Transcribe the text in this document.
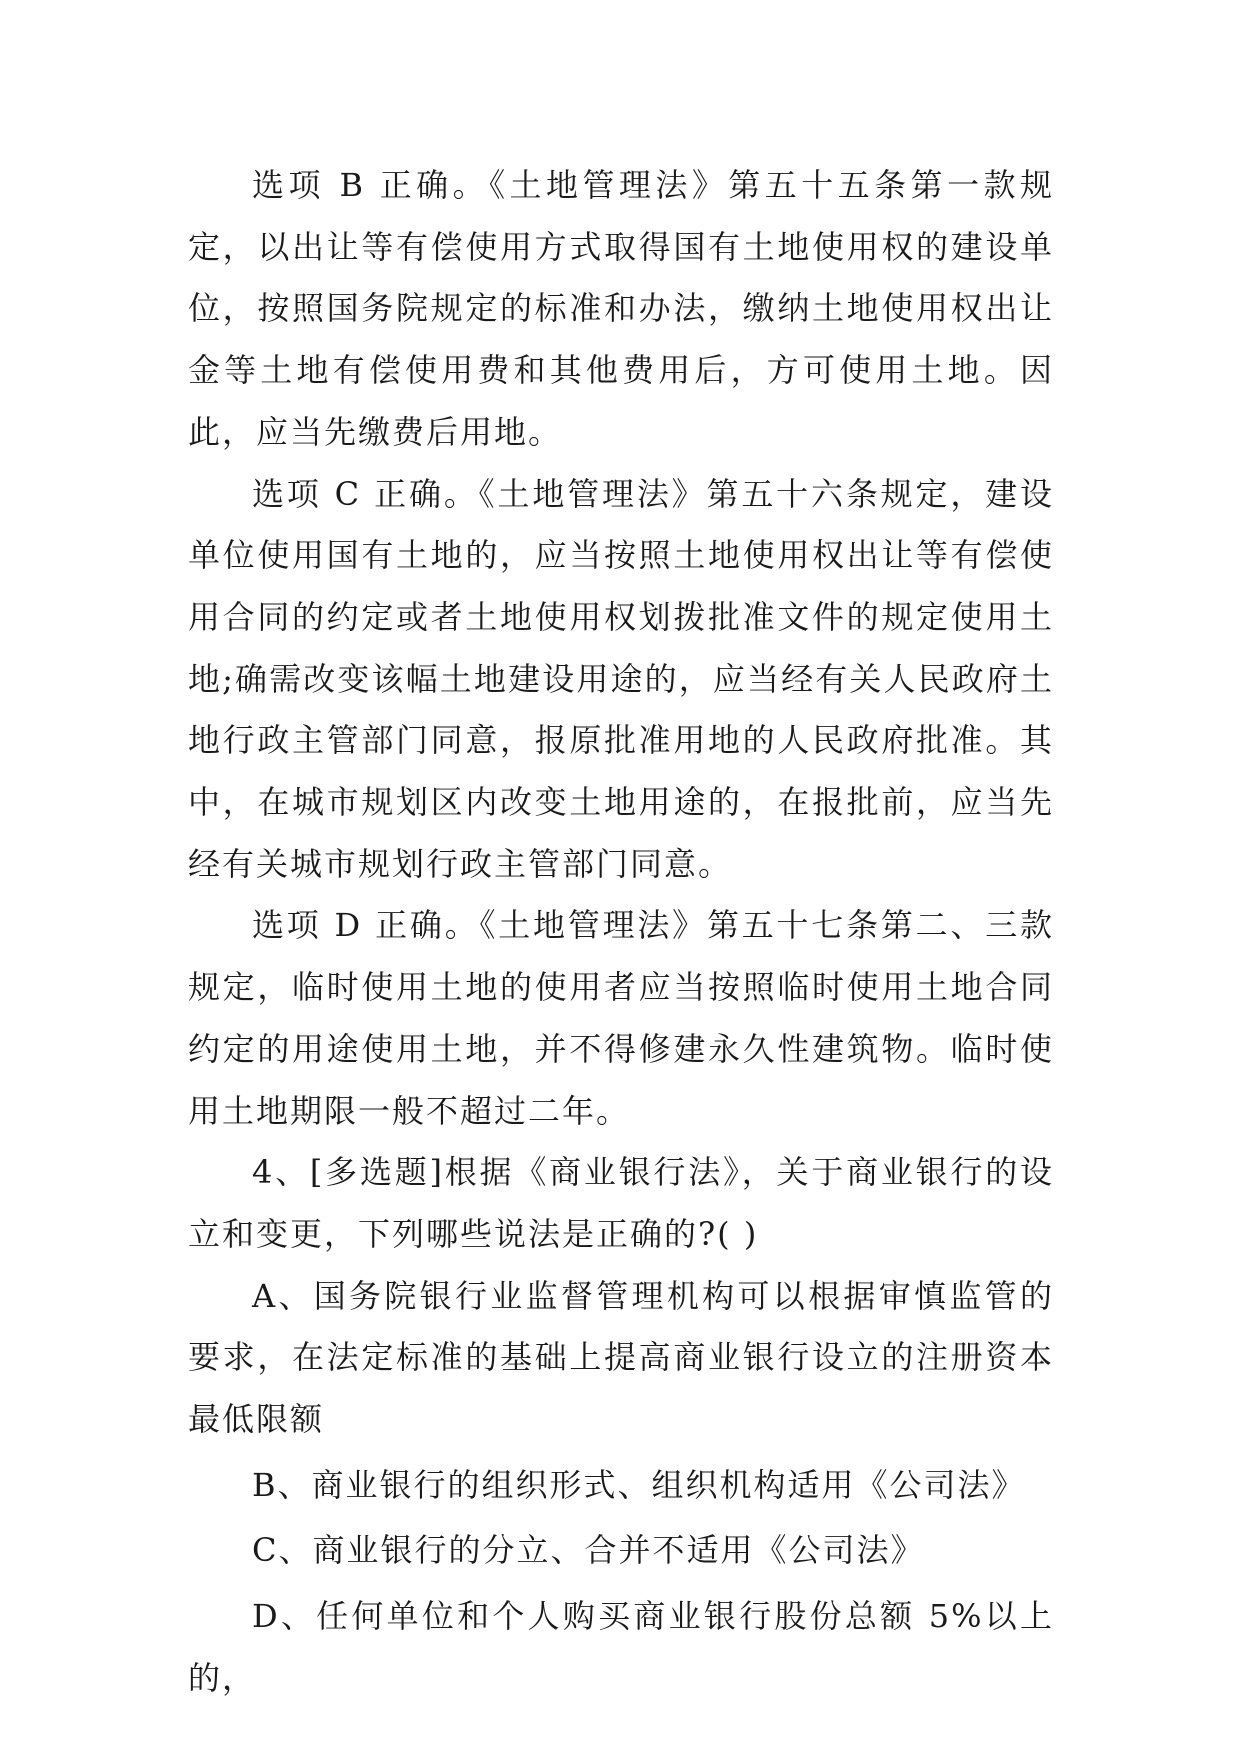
选项 B 正确。《土地管理法》第五十五条第一款规定，以出让等有偿使用方式取得国有土地使用权的建设单位，按照国务院规定的标准和办法，缴纳土地使用权出让金等土地有偿使用费和其他费用后，方可使用土地。因此，应当先缴费后用地。

选项 C 正确。《土地管理法》第五十六条规定，建设单位使用国有土地的，应当按照土地使用权出让等有偿使用合同的约定或者土地使用权划拨批准文件的规定使用土地;确需改变该幅土地建设用途的，应当经有关人民政府土地行政主管部门同意，报原批准用地的人民政府批准。其中，在城市规划区内改变土地用途的，在报批前，应当先经有关城市规划行政主管部门同意。

选项 D 正确。《土地管理法》第五十七条第二、三款规定，临时使用土地的使用者应当按照临时使用土地合同约定的用途使用土地，并不得修建永久性建筑物。临时使用土地期限一般不超过二年。

4、[多选题]根据《商业银行法》，关于商业银行的设立和变更，下列哪些说法是正确的?( )

A、国务院银行业监督管理机构可以根据审慎监管的要求，在法定标准的基础上提高商业银行设立的注册资本最低限额

B、商业银行的组织形式、组织机构适用《公司法》

C、商业银行的分立、合并不适用《公司法》

D、任何单位和个人购买商业银行股份总额 5%以上的，
